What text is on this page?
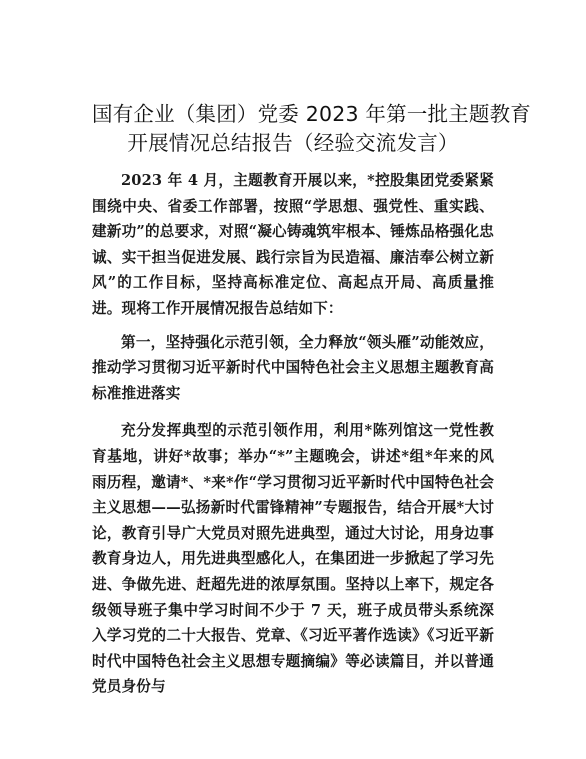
国有企业（集团）党委 2023 年第一批主题教育
开展情况总结报告（经验交流发言）

2023 年 4 月，主题教育开展以来，*控股集团党委紧紧围绕中央、省委工作部署，按照“学思想、强党性、重实践、建新功”的总要求，对照“凝心铸魂筑牢根本、锤炼品格强化忠诚、实干担当促进发展、践行宗旨为民造福、廉洁奉公树立新风”的工作目标，坚持高标准定位、高起点开局、高质量推进。现将工作开展情况报告总结如下：

第一，坚持强化示范引领，全力释放“领头雁”动能效应，推动学习贯彻习近平新时代中国特色社会主义思想主题教育高标准推进落实

充分发挥典型的示范引领作用，利用*陈列馆这一党性教育基地，讲好*故事；举办“*”主题晚会，讲述*组*年来的风雨历程，邀请*、*来*作“学习贯彻习近平新时代中国特色社会主义思想——弘扬新时代雷锋精神”专题报告，结合开展*大讨论，教育引导广大党员对照先进典型，通过大讨论，用身边事教育身边人，用先进典型感化人，在集团进一步掀起了学习先进、争做先进、赶超先进的浓厚氛围。坚持以上率下，规定各级领导班子集中学习时间不少于 7 天，班子成员带头系统深入学习党的二十大报告、党章、《习近平著作选读》《习近平新时代中国特色社会主义思想专题摘编》等必读篇目，并以普通党员身份与
